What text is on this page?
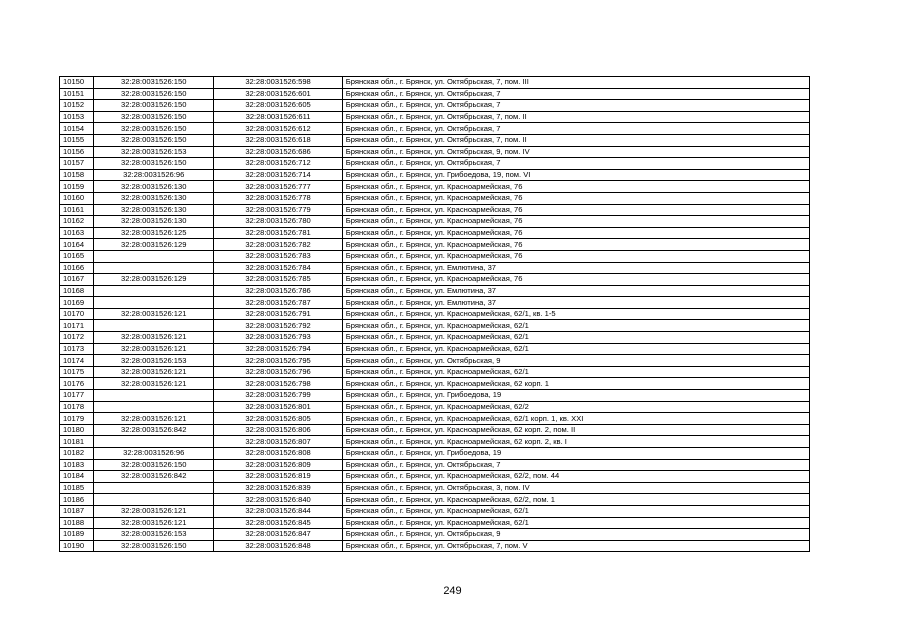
10150	32:28:0031526:150	32:28:0031526:598	Брянская обл., г. Брянск, ул. Октябрьская, 7, пом. III
10151	32:28:0031526:150	32:28:0031526:601	Брянская обл., г. Брянск, ул. Октябрьская, 7
10152	32:28:0031526:150	32:28:0031526:605	Брянская обл., г. Брянск, ул. Октябрьская, 7
10153	32:28:0031526:150	32:28:0031526:611	Брянская обл., г. Брянск, ул. Октябрьская, 7, пом. II
10154	32:28:0031526:150	32:28:0031526:612	Брянская обл., г. Брянск, ул. Октябрьская, 7
10155	32:28:0031526:150	32:28:0031526:618	Брянская обл., г. Брянск, ул. Октябрьская, 7, пом. II
10156	32:28:0031526:153	32:28:0031526:686	Брянская обл., г. Брянск, ул. Октябрьская, 9, пом. IV
10157	32:28:0031526:150	32:28:0031526:712	Брянская обл., г. Брянск, ул. Октябрьская, 7
10158	32:28:0031526:96	32:28:0031526:714	Брянская обл., г. Брянск, ул. Грибоедова, 19, пом. VI
10159	32:28:0031526:130	32:28:0031526:777	Брянская обл., г. Брянск, ул. Красноармейская, 76
10160	32:28:0031526:130	32:28:0031526:778	Брянская обл., г. Брянск, ул. Красноармейская, 76
10161	32:28:0031526:130	32:28:0031526:779	Брянская обл., г. Брянск, ул. Красноармейская, 76
10162	32:28:0031526:130	32:28:0031526:780	Брянская обл., г. Брянск, ул. Красноармейская, 76
10163	32:28:0031526:125	32:28:0031526:781	Брянская обл., г. Брянск, ул. Красноармейская, 76
10164	32:28:0031526:129	32:28:0031526:782	Брянская обл., г. Брянск, ул. Красноармейская, 76
10165		32:28:0031526:783	Брянская обл., г. Брянск, ул. Красноармейская, 76
10166		32:28:0031526:784	Брянская обл., г. Брянск, ул. Емлютина, 37
10167	32:28:0031526:129	32:28:0031526:785	Брянская обл., г. Брянск, ул. Красноармейская, 76
10168		32:28:0031526:786	Брянская обл., г. Брянск, ул. Емлютина, 37
10169		32:28:0031526:787	Брянская обл., г. Брянск, ул. Емлютина, 37
10170	32:28:0031526:121	32:28:0031526:791	Брянская обл., г. Брянск, ул. Красноармейская, 62/1, кв. 1-5
10171		32:28:0031526:792	Брянская обл., г. Брянск, ул. Красноармейская, 62/1
10172	32:28:0031526:121	32:28:0031526:793	Брянская обл., г. Брянск, ул. Красноармейская, 62/1
10173	32:28:0031526:121	32:28:0031526:794	Брянская обл., г. Брянск, ул. Красноармейская, 62/1
10174	32:28:0031526:153	32:28:0031526:795	Брянская обл., г. Брянск, ул. Октябрьская, 9
10175	32:28:0031526:121	32:28:0031526:796	Брянская обл., г. Брянск, ул. Красноармейская, 62/1
10176	32:28:0031526:121	32:28:0031526:798	Брянская обл., г. Брянск, ул. Красноармейская, 62 корп. 1
10177		32:28:0031526:799	Брянская обл., г. Брянск, ул. Грибоедова, 19
10178		32:28:0031526:801	Брянская обл., г. Брянск, ул. Красноармейская, 62/2
10179	32:28:0031526:121	32:28:0031526:805	Брянская обл., г. Брянск, ул. Красноармейская, 62/1 корп. 1, кв. XXI
10180	32:28:0031526:842	32:28:0031526:806	Брянская обл., г. Брянск, ул. Красноармейская, 62 корп. 2, пом. II
10181		32:28:0031526:807	Брянская обл., г. Брянск, ул. Красноармейская, 62 корп. 2, кв. I
10182	32:28:0031526:96	32:28:0031526:808	Брянская обл., г. Брянск, ул. Грибоедова, 19
10183	32:28:0031526:150	32:28:0031526:809	Брянская обл., г. Брянск, ул. Октябрьская, 7
10184	32:28:0031526:842	32:28:0031526:819	Брянская обл., г. Брянск, ул. Красноармейская, 62/2, пом. 44
10185		32:28:0031526:839	Брянская обл., г. Брянск, ул. Октябрьская, 3, пом. IV
10186		32:28:0031526:840	Брянская обл., г. Брянск, ул. Красноармейская, 62/2, пом. 1
10187	32:28:0031526:121	32:28:0031526:844	Брянская обл., г. Брянск, ул. Красноармейская, 62/1
10188	32:28:0031526:121	32:28:0031526:845	Брянская обл., г. Брянск, ул. Красноармейская, 62/1
10189	32:28:0031526:153	32:28:0031526:847	Брянская обл., г. Брянск, ул. Октябрьская, 9
10190	32:28:0031526:150	32:28:0031526:848	Брянская обл., г. Брянск, ул. Октябрьская, 7, пом. V
249
